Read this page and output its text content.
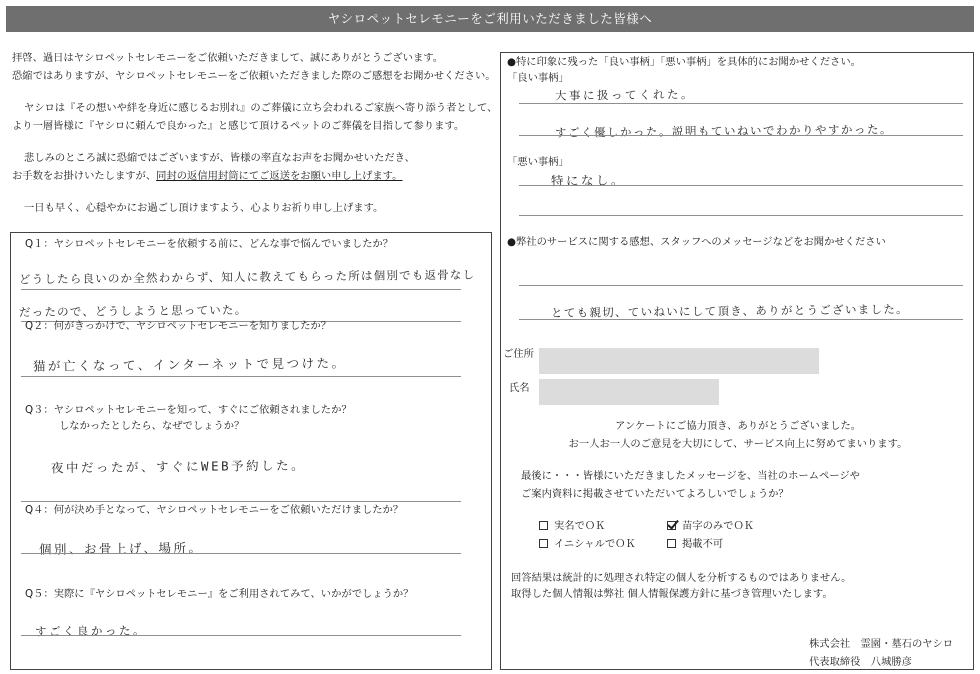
ヤシロペットセレモニーをご利用いただきました皆様へ

拝啓、過日はヤシロペットセレモニーをご依頼いただきまして、誠にありがとうございます。

恐縮ではありますが、ヤシロペットセレモニーをご依頼いただきました際のご感想をお聞かせください。

ヤシロは『その想いや絆を身近に感じるお別れ』のご葬儀に立ち会われるご家族へ寄り添う者として、

より一層皆様に『ヤシロに頼んで良かった』と感じて頂けるペットのご葬儀を目指して参ります。

悲しみのところ誠に恐縮ではございますが、皆様の率直なお声をお聞かせいただき、

お手数をお掛けいたしますが、同封の返信用封筒にてご返送をお願い申し上げます。

一日も早く、心穏やかにお過ごし頂けますよう、心よりお祈り申し上げます。

Q１：ヤシロペットセレモニーを依頼する前に、どんな事で悩んでいましたか？
どうしたら良いのか全然わからず、知人に教えてもらった所は個別でも返骨なし
だったので、どうしようと思っていた。
Q２：何がきっかけで、ヤシロペットセレモニーを知りましたか？
猫が亡くなって、インターネットで見つけた。
Q３：ヤシロペットセレモニーを知って、すぐにご依頼されましたか？
しなかったとしたら、なぜでしょうか？
夜中だったが、すぐにWEB予約した。
Q４：何が決め手となって、ヤシロペットセレモニーをご依頼いただけましたか？
個別、お骨上げ、場所。
Q５：実際に『ヤシロペットセレモニー』をご利用されてみて、いかがでしょうか？
すごく良かった。
●特に印象に残った「良い事柄」「悪い事柄」を具体的にお聞かせください。
「良い事柄」
大事に扱ってくれた。
すごく優しかった。説明もていねいでわかりやすかった。
「悪い事柄」
特になし。
●弊社のサービスに関する感想、スタッフへのメッセージなどをお聞かせください
とても親切、ていねいにして頂き、ありがとうございました。
ご住所
氏名
アンケートにご協力頂き、ありがとうございました。
お一人お一人のご意見を大切にして、サービス向上に努めてまいります。
最後に・・・皆様にいただきましたメッセージを、当社のホームページや
ご案内資料に掲載させていただいてよろしいでしょうか？
実名でＯＫ	苗字のみでＯＫ
イニシャルでＯＫ	掲載不可
回答結果は統計的に処理され特定の個人を分析するものではありません。
取得した個人情報は弊社 個人情報保護方針に基づき管理いたします。
株式会社　霊園・墓石のヤシロ
代表取締役　八城勝彦
